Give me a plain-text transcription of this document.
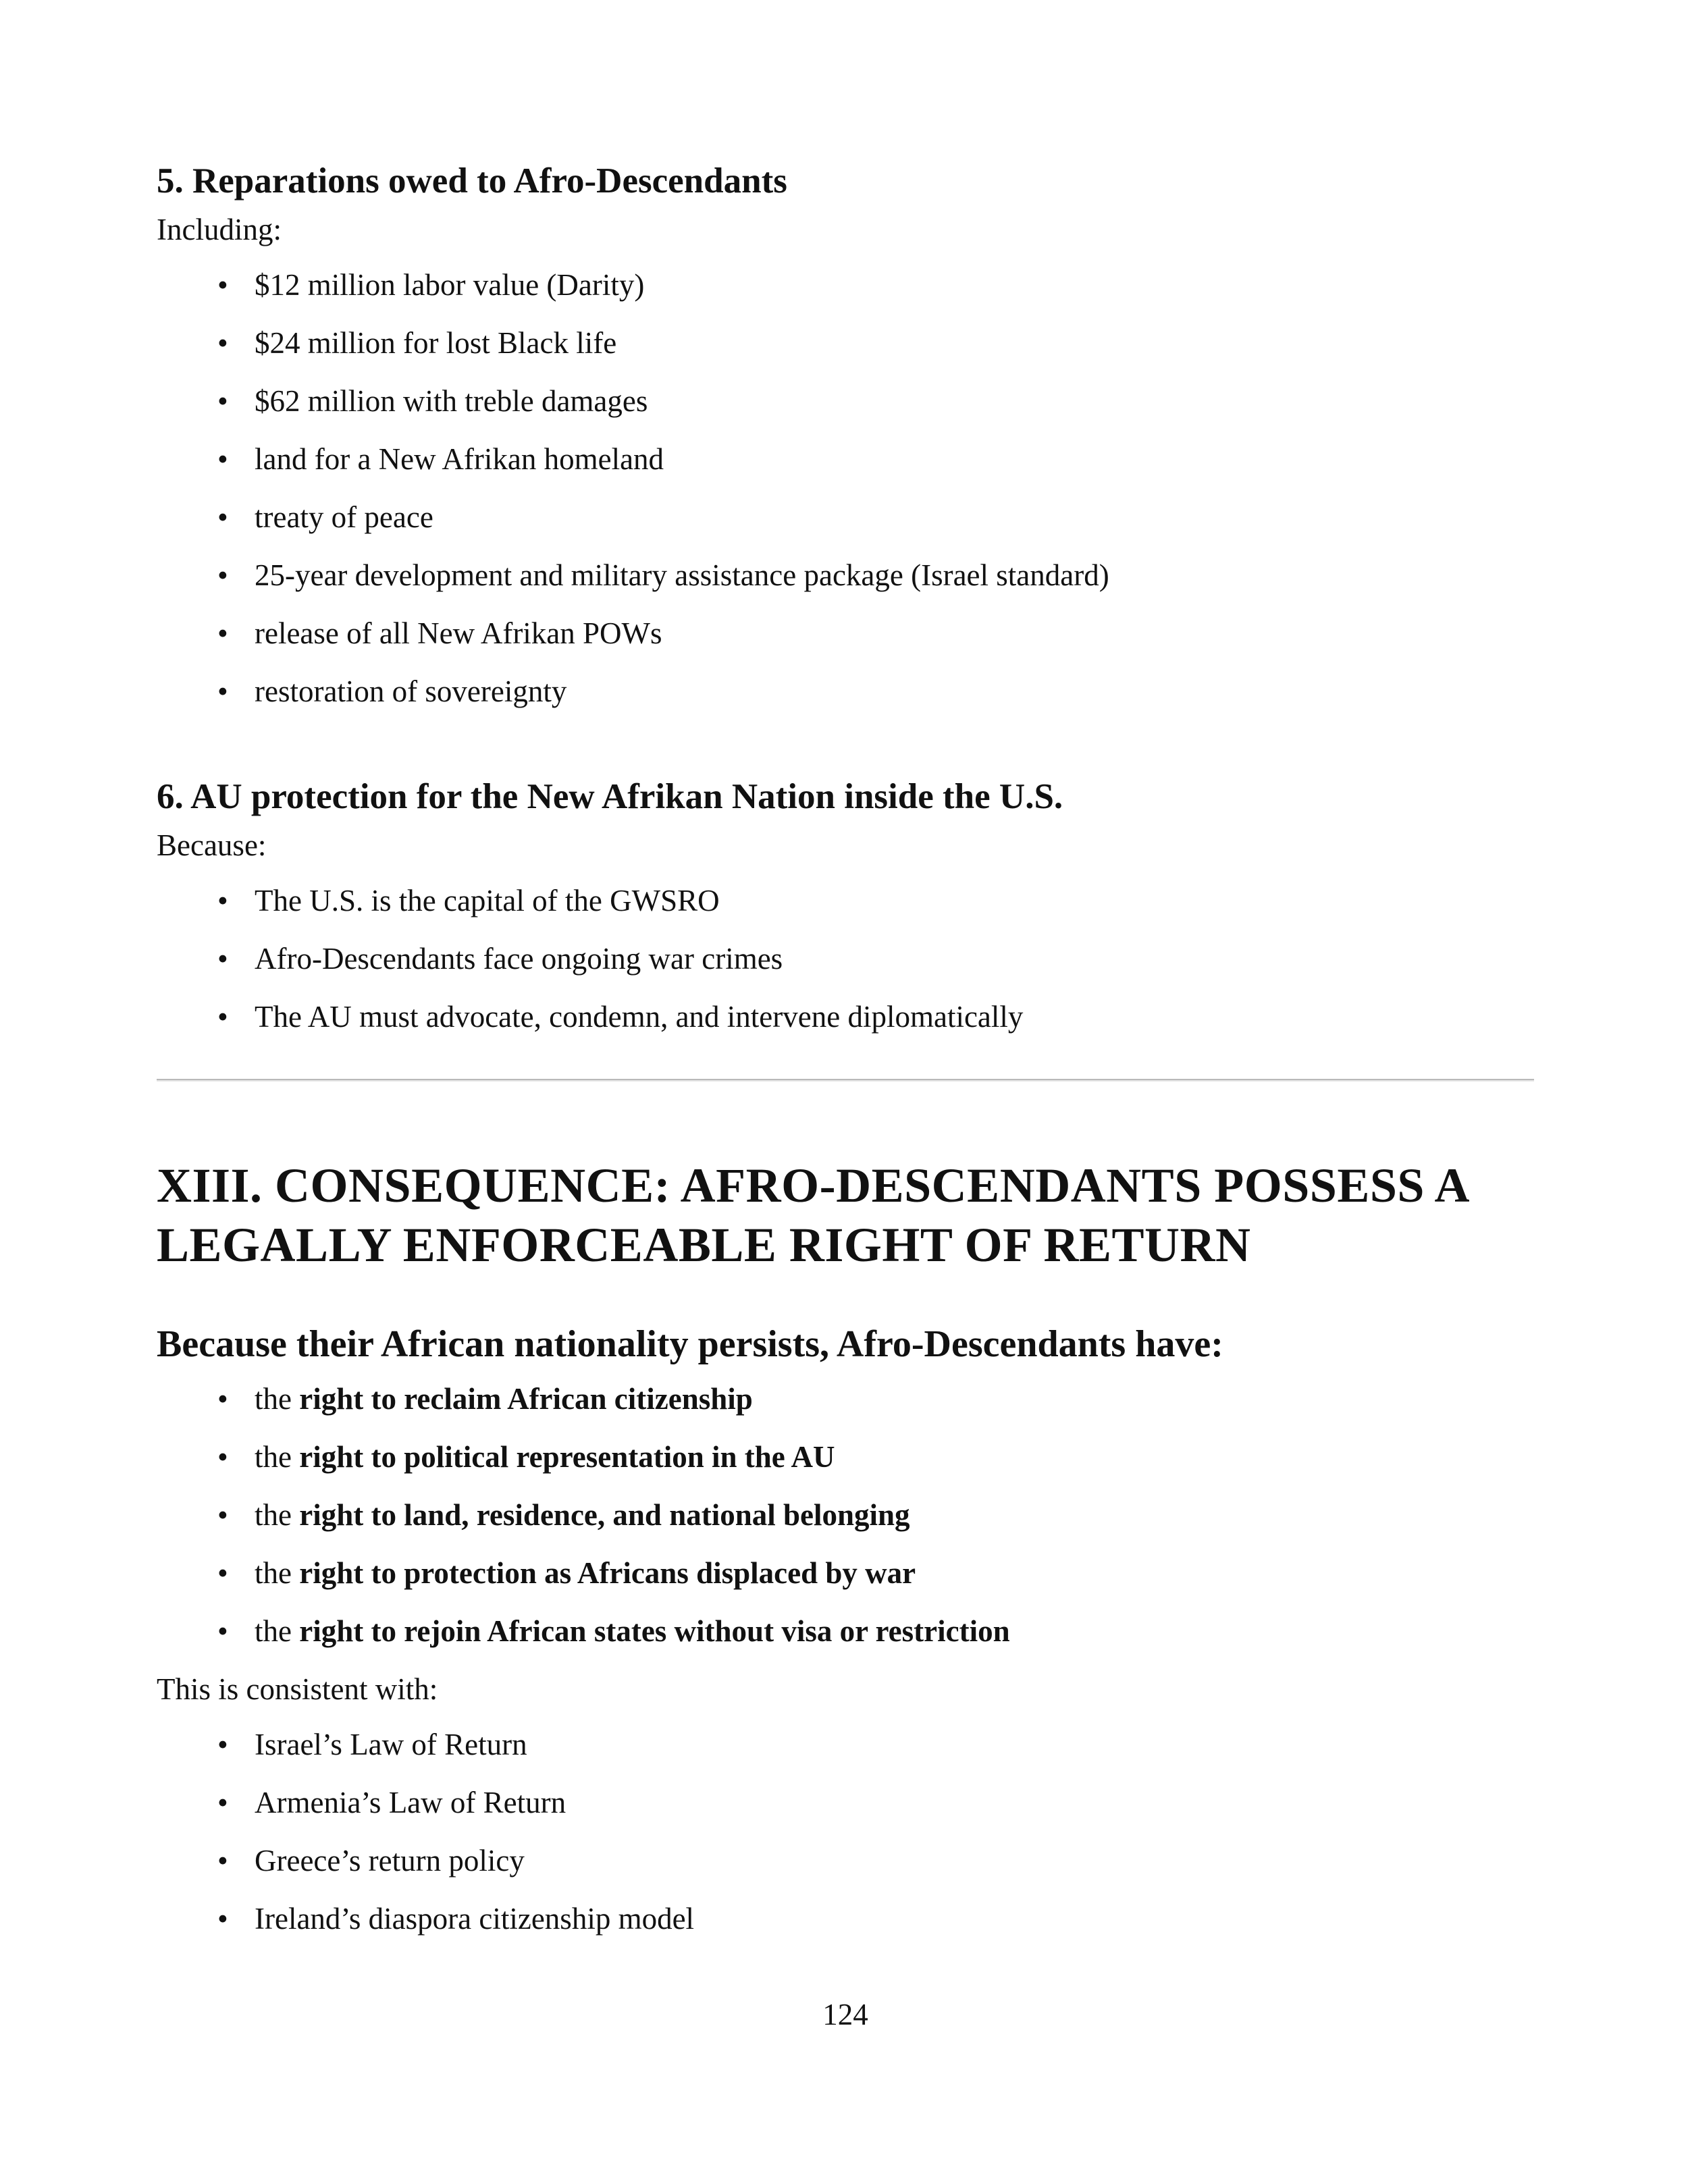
5. Reparations owed to Afro-Descendants

Including:

• $12 million labor value (Darity)
• $24 million for lost Black life
• $62 million with treble damages
• land for a New Afrikan homeland
• treaty of peace
• 25-year development and military assistance package (Israel standard)
• release of all New Afrikan POWs
• restoration of sovereignty
6. AU protection for the New Afrikan Nation inside the U.S.

Because:

• The U.S. is the capital of the GWSRO
• Afro-Descendants face ongoing war crimes
• The AU must advocate, condemn, and intervene diplomatically
XIII. CONSEQUENCE: AFRO-DESCENDANTS POSSESS A
LEGALLY ENFORCEABLE RIGHT OF RETURN
Because their African nationality persists, Afro-Descendants have:
• the right to reclaim African citizenship
• the right to political representation in the AU
• the right to land, residence, and national belonging
• the right to protection as Africans displaced by war
• the right to rejoin African states without visa or restriction

This is consistent with:

• Israel’s Law of Return
• Armenia’s Law of Return
• Greece’s return policy
• Ireland’s diaspora citizenship model
124
